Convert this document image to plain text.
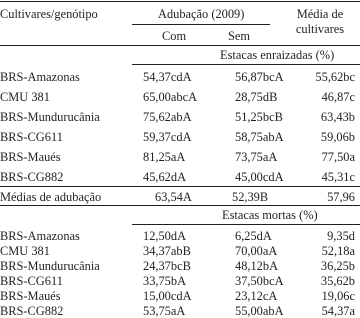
Cultivares/genótipo	Adubação (2009)
Com	Sem
Média de
cultivares
Estacas enraizadas (%)
BRS-Amazonas	54,37cdA	56,87bcA	55,62bc
CMU 381	65,00abcA	28,75dB	46,87c
BRS-Mundurucânia	75,62abA	51,25bcB	63,43b
BRS-CG611	59,37cdA	58,75abA	59,06b
BRS-Maués	81,25aA	73,75aA	77,50a
BRS-CG882	45,62dA	45,00cdA	45,31c
Médias de adubação	63,54A	52,39B	57,96
Estacas mortas (%)
BRS-Amazonas	12,50dA	6,25dA	9,35d
CMU 381	34,37abB	70,00aA	52,18a
BRS-Mundurucânia	24,37bcB	48,12bA	36,25b
BRS-CG611	33,75bA	37,50bcA	35,62b
BRS-Maués	15,00cdA	23,12cA	19,06c
BRS-CG882	53,75aA	55,00abA	54,37a
